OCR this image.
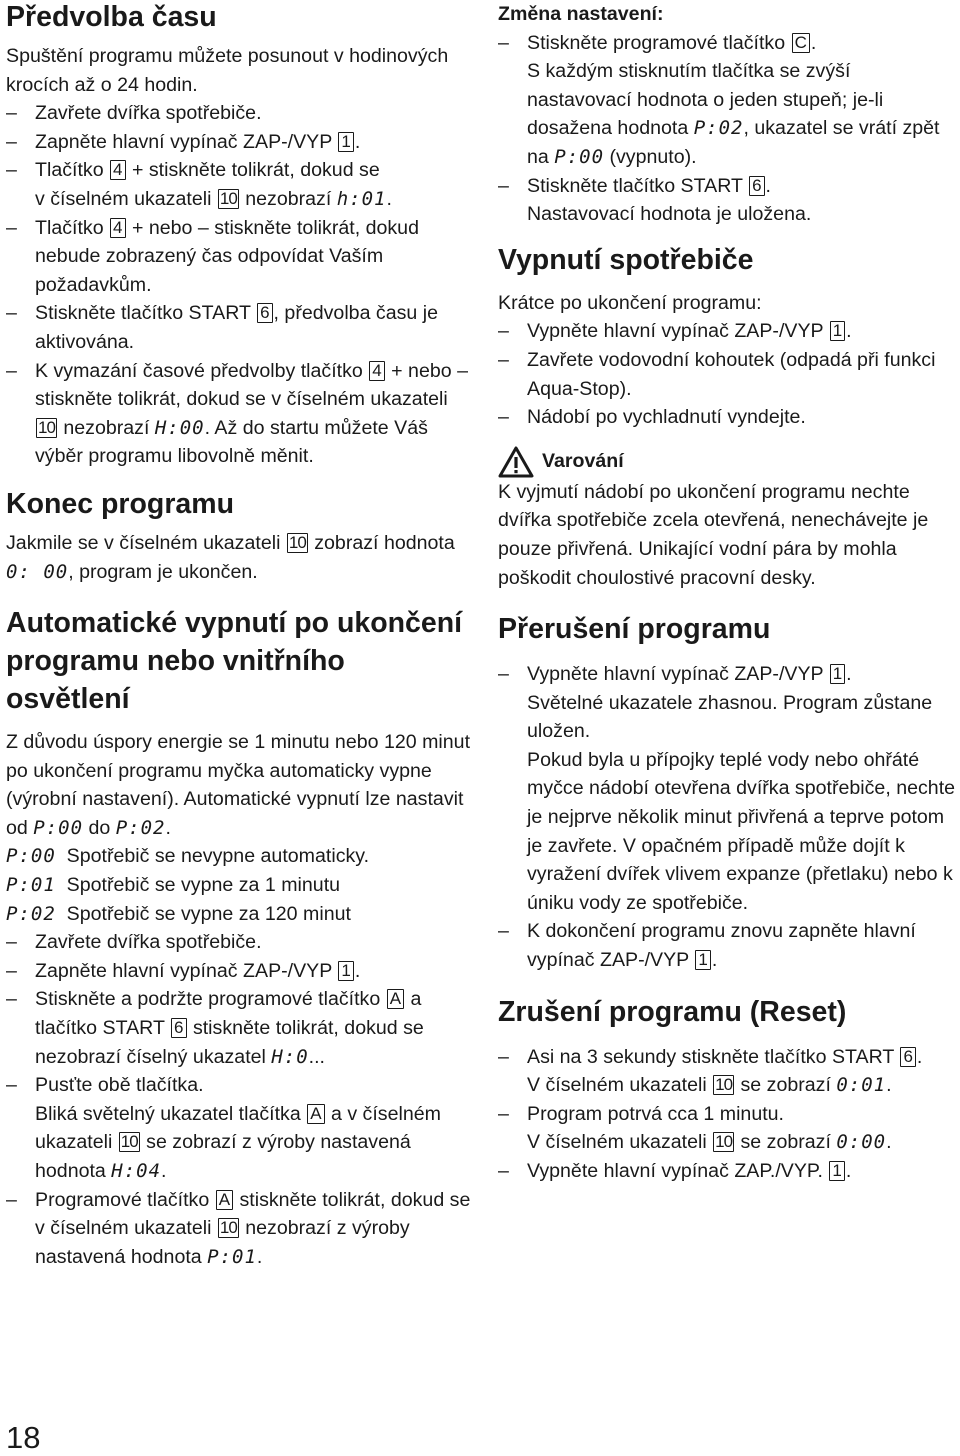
Předvolba času

Spuštění programu můžete posunout v hodinových krocích až o 24 hodin.

– Zavřete dvířka spotřebiče.
– Zapněte hlavní vypínač ZAP-/VYP 1 .
– Tlačítko 4 + stiskněte tolikrát, dokud se v číselném ukazateli 10 nezobrazí h:01.
– Tlačítko 4 + nebo – stiskněte tolikrát, dokud nebude zobrazený čas odpovídat Vaším požadavkům.
– Stiskněte tlačítko START 6 , předvolba času je aktivována.
– K vymazání časové předvolby tlačítko 4 + nebo – stiskněte tolikrát, dokud se v číselném ukazateli 10 nezobrazí H:00. Až do startu můžete Váš výběr programu libovolně měnit.
Konec programu

Jakmile se v číselném ukazateli 10 zobrazí hodnota 0: 00, program je ukončen.

Automatické vypnutí po ukončení programu nebo vnitřního osvětlení

Z důvodu úspory energie se 1 minutu nebo 120 minut po ukončení programu myčka automaticky vypne (výrobní nastavení). Automatické vypnutí lze nastavit od P:00 do P:02.

P:00 Spotřebič se nevypne automaticky.

P:01 Spotřebič se vypne za 1 minutu

P:02 Spotřebič se vypne za 120 minut

– Zavřete dvířka spotřebiče.
– Zapněte hlavní vypínač ZAP-/VYP 1 .
– Stiskněte a podržte programové tlačítko A a tlačítko START 6 stiskněte tolikrát, dokud se nezobrazí číselný ukazatel H:0...
– Pusťte obě tlačítka.
Bliká světelný ukazatel tlačítka A a v číselném ukazateli 10 se zobrazí z výroby nastavená hodnota H:04.
– Programové tlačítko A stiskněte tolikrát, dokud se v číselném ukazateli 10 nezobrazí z výroby nastavená hodnota P:01.
Změna nastavení:
– Stiskněte programové tlačítko C .
S každým stisknutím tlačítka se zvýší nastavovací hodnota o jeden stupeň; je-li dosažena hodnota P:02, ukazatel se vrátí zpět na P:00 (vypnuto).
– Stiskněte tlačítko START 6 .
Nastavovací hodnota je uložena.
Vypnutí spotřebiče

Krátce po ukončení programu:

– Vypněte hlavní vypínač ZAP-/VYP 1 .
– Zavřete vodovodní kohoutek (odpadá při funkci Aqua-Stop).
– Nádobí po vychladnutí vyndejte.
Varování

K vyjmutí nádobí po ukončení programu nechte dvířka spotřebiče zcela otevřená, nenechávejte je pouze přivřená. Unikající vodní pára by mohla poškodit choulostivé pracovní desky.

Přerušení programu
– Vypněte hlavní vypínač ZAP-/VYP 1 .
Světelné ukazatele zhasnou. Program zůstane uložen.
Pokud byla u přípojky teplé vody nebo ohřáté myčce nádobí otevřena dvířka spotřebiče, nechte je nejprve několik minut přivřená a teprve potom je zavřete. V opačném případě může dojít k vyražení dvířek vlivem expanze (přetlaku) nebo k úniku vody ze spotřebiče.
– K dokončení programu znovu zapněte hlavní vypínač ZAP-/VYP 1 .
Zrušení programu (Reset)
– Asi na 3 sekundy stiskněte tlačítko START 6 .
V číselném ukazateli 10 se zobrazí 0:01.
– Program potrvá cca 1 minutu.
V číselném ukazateli 10 se zobrazí 0:00.
– Vypněte hlavní vypínač ZAP./VYP. 1 .
18
